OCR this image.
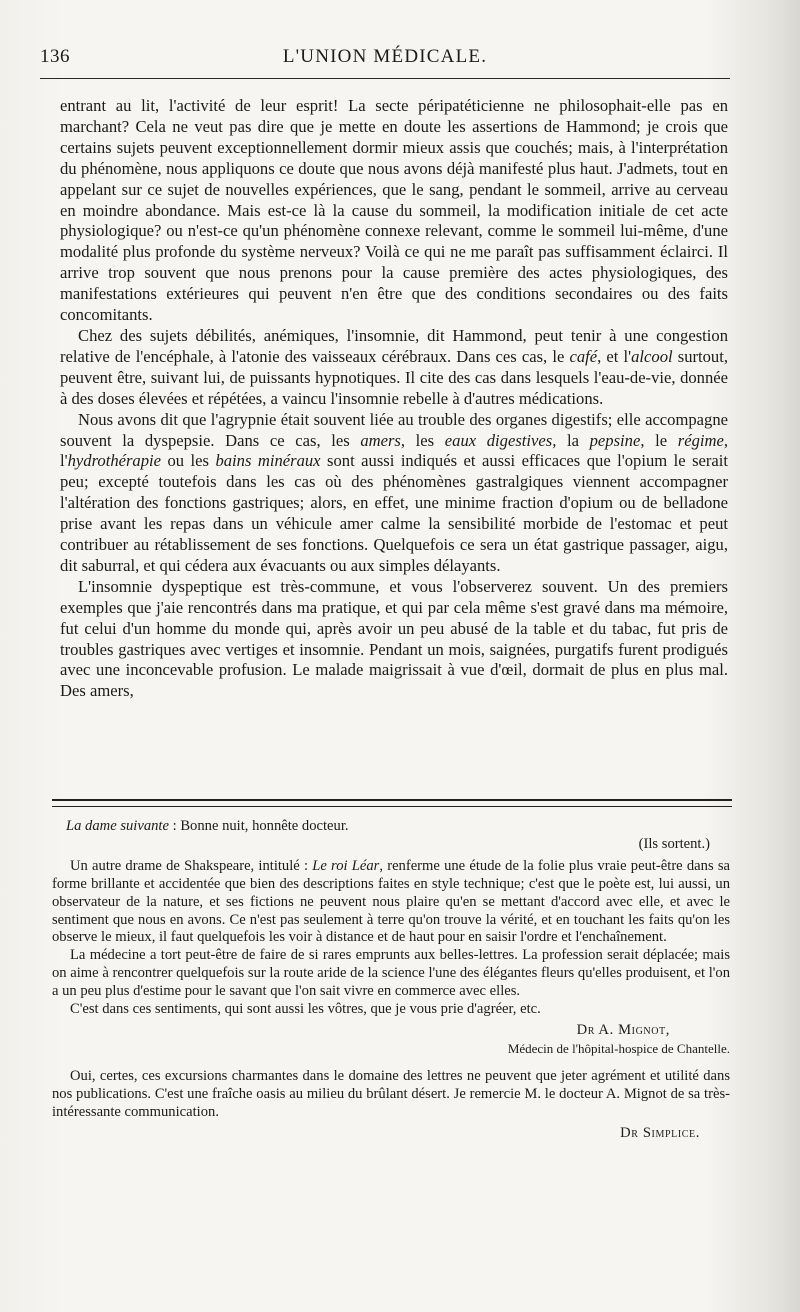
136	L'UNION MÉDICALE.

entrant au lit, l'activité de leur esprit! La secte péripatéticienne ne philosophait-elle pas en marchant? Cela ne veut pas dire que je mette en doute les assertions de Hammond; je crois que certains sujets peuvent exceptionnellement dormir mieux assis que couchés; mais, à l'interprétation du phénomène, nous appliquons ce doute que nous avons déjà manifesté plus haut. J'admets, tout en appelant sur ce sujet de nouvelles expériences, que le sang, pendant le sommeil, arrive au cerveau en moindre abondance. Mais est-ce là la cause du sommeil, la modification initiale de cet acte physiologique? ou n'est-ce qu'un phénomène connexe relevant, comme le sommeil lui-même, d'une modalité plus profonde du système nerveux? Voilà ce qui ne me paraît pas suffisamment éclairci. Il arrive trop souvent que nous prenons pour la cause première des actes physiologiques, des manifestations extérieures qui peuvent n'en être que des conditions secondaires ou des faits concomitants.

Chez des sujets débilités, anémiques, l'insomnie, dit Hammond, peut tenir à une congestion relative de l'encéphale, à l'atonie des vaisseaux cérébraux. Dans ces cas, le café, et l'alcool surtout, peuvent être, suivant lui, de puissants hypnotiques. Il cite des cas dans lesquels l'eau-de-vie, donnée à des doses élevées et répétées, a vaincu l'insomnie rebelle à d'autres médications.

Nous avons dit que l'agrypnie était souvent liée au trouble des organes digestifs; elle accompagne souvent la dyspepsie. Dans ce cas, les amers, les eaux digestives, la pepsine, le régime, l'hydrothérapie ou les bains minéraux sont aussi indiqués et aussi efficaces que l'opium le serait peu; excepté toutefois dans les cas où des phénomènes gastralgiques viennent accompagner l'altération des fonctions gastriques; alors, en effet, une minime fraction d'opium ou de belladone prise avant les repas dans un véhicule amer calme la sensibilité morbide de l'estomac et peut contribuer au rétablissement de ses fonctions. Quelquefois ce sera un état gastrique passager, aigu, dit saburral, et qui cédera aux évacuants ou aux simples délayants.

L'insomnie dyspeptique est très-commune, et vous l'observerez souvent. Un des premiers exemples que j'aie rencontrés dans ma pratique, et qui par cela même s'est gravé dans ma mémoire, fut celui d'un homme du monde qui, après avoir un peu abusé de la table et du tabac, fut pris de troubles gastriques avec vertiges et insomnie. Pendant un mois, saignées, purgatifs furent prodigués avec une inconcevable profusion. Le malade maigrissait à vue d'œil, dormait de plus en plus mal. Des amers,

La dame suivante : Bonne nuit, honnête docteur.

(Ils sortent.)

Un autre drame de Shakspeare, intitulé : Le roi Léar, renferme une étude de la folie plus vraie peut-être dans sa forme brillante et accidentée que bien des descriptions faites en style technique; c'est que le poète est, lui aussi, un observateur de la nature, et ses fictions ne peuvent nous plaire qu'en se mettant d'accord avec elle, et avec le sentiment que nous en avons. Ce n'est pas seulement à terre qu'on trouve la vérité, et en touchant les faits qu'on les observe le mieux, il faut quelquefois les voir à distance et de haut pour en saisir l'ordre et l'enchaînement.

La médecine a tort peut-être de faire de si rares emprunts aux belles-lettres. La profession serait déplacée; mais on aime à rencontrer quelquefois sur la route aride de la science l'une des élégantes fleurs qu'elles produisent, et l'on a un peu plus d'estime pour le savant que l'on sait vivre en commerce avec elles.

C'est dans ces sentiments, qui sont aussi les vôtres, que je vous prie d'agréer, etc.

Dr A. Mignot,

Médecin de l'hôpital-hospice de Chantelle.

Oui, certes, ces excursions charmantes dans le domaine des lettres ne peuvent que jeter agrément et utilité dans nos publications. C'est une fraîche oasis au milieu du brûlant désert. Je remercie M. le docteur A. Mignot de sa très-intéressante communication.

Dr Simplice.
